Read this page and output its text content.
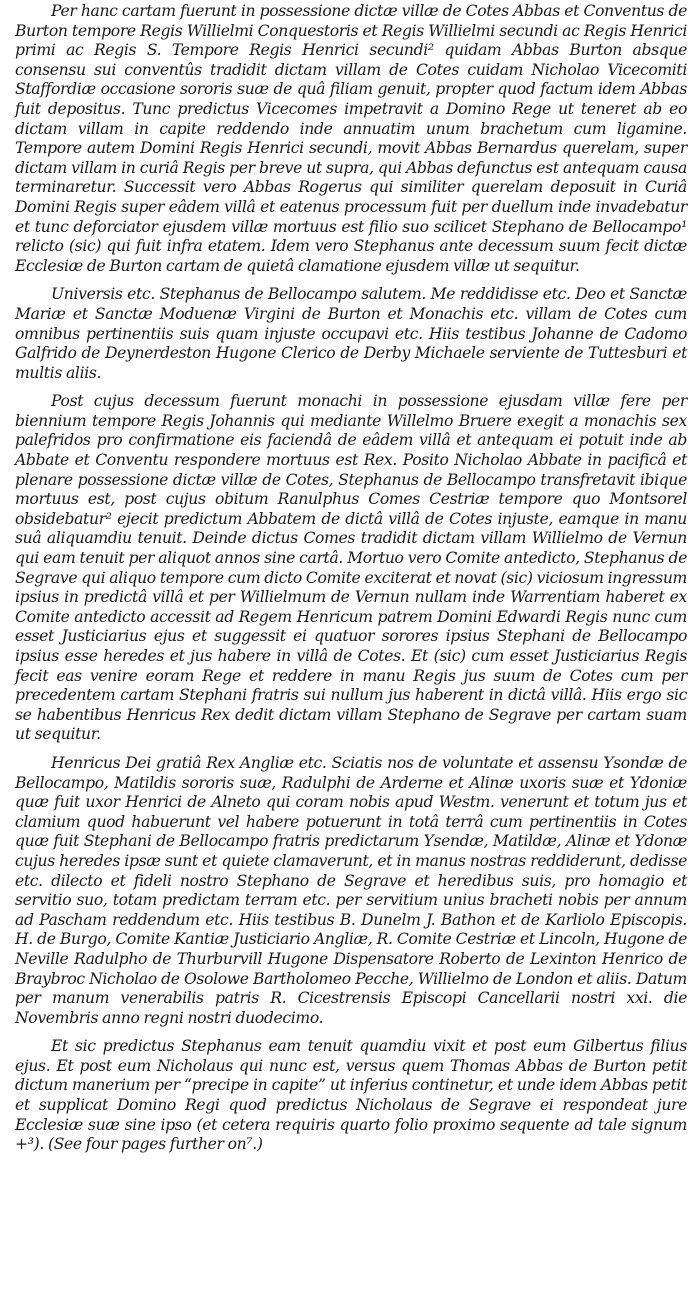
Per hanc cartam fuerunt in possessione dictæ villæ de Cotes Abbas et Conventus de Burton tempore Regis Willielmi Conquestoris et Regis Willielmi secundi ac Regis Henrici primi ac Regis S. Tempore Regis Henrici secundi² quidam Abbas Burton absque consensu sui conventûs tradidit dictam villam de Cotes cuidam Nicholao Vicecomiti Staffordiæ occasione sororis suæ de quâ filiam genuit, propter quod factum idem Abbas fuit depositus. Tunc predictus Vicecomes impetravit a Domino Rege ut teneret ab eo dictam villam in capite reddendo inde annuatim unum brachetum cum ligamine. Tempore autem Domini Regis Henrici secundi, movit Abbas Bernardus querelam, super dictam villam in curiâ Regis per breve ut supra, qui Abbas defunctus est antequam causa terminaretur. Successit vero Abbas Rogerus qui similiter querelam deposuit in Curiâ Domini Regis super eâdem villâ et eatenus processum fuit per duellum inde invadebatur et tunc deforciator ejusdem villæ mortuus est filio suo scilicet Stephano de Bellocampo¹ relicto (sic) qui fuit infra etatem. Idem vero Stephanus ante decessum suum fecit dictæ Ecclesiæ de Burton cartam de quietâ clamatione ejusdem villæ ut sequitur.

Universis etc. Stephanus de Bellocampo salutem. Me reddidisse etc. Deo et Sanctæ Mariæ et Sanctæ Moduenæ Virgini de Burton et Monachis etc. villam de Cotes cum omnibus pertinentiis suis quam injuste occupavi etc. Hiis testibus Johanne de Cadomo Galfrido de Deynerdeston Hugone Clerico de Derby Michaele serviente de Tuttesburi et multis aliis.

Post cujus decessum fuerunt monachi in possessione ejusdam villæ fere per biennium tempore Regis Johannis qui mediante Willelmo Bruere exegit a monachis sex palefridos pro confirmatione eis faciendâ de eâdem villâ et antequam ei potuit inde ab Abbate et Conventu respondere mortuus est Rex. Posito Nicholao Abbate in pacificâ et plenare possessione dictæ villæ de Cotes, Stephanus de Bellocampo transfretavit ibique mortuus est, post cujus obitum Ranulphus Comes Cestriæ tempore quo Montsorel obsidebatur² ejecit predictum Abbatem de dictâ villâ de Cotes injuste, eamque in manu suâ aliquamdiu tenuit. Deinde dictus Comes tradidit dictam villam Willielmo de Vernun qui eam tenuit per aliquot annos sine cartâ. Mortuo vero Comite antedicto, Stephanus de Segrave qui aliquo tempore cum dicto Comite exciterat et novat (sic) viciosum ingressum ipsius in predictâ villâ et per Willielmum de Vernun nullam inde Warrentiam haberet ex Comite antedicto accessit ad Regem Henricum patrem Domini Edwardi Regis nunc cum esset Justiciarius ejus et suggessit ei quatuor sorores ipsius Stephani de Bellocampo ipsius esse heredes et jus habere in villâ de Cotes. Et (sic) cum esset Justiciarius Regis fecit eas venire eoram Rege et reddere in manu Regis jus suum de Cotes cum per precedentem cartam Stephani fratris sui nullum jus haberent in dictâ villâ. Hiis ergo sic se habentibus Henricus Rex dedit dictam villam Stephano de Segrave per cartam suam ut sequitur.

Henricus Dei gratiâ Rex Angliæ etc. Sciatis nos de voluntate et assensu Ysondæ de Bellocampo, Matildis sororis suæ, Radulphi de Arderne et Alinæ uxoris suæ et Ydoniæ quæ fuit uxor Henrici de Alneto qui coram nobis apud Westm. venerunt et totum jus et clamium quod habuerunt vel habere potuerunt in totâ terrâ cum pertinentiis in Cotes quæ fuit Stephani de Bellocampo fratris predictarum Ysendæ, Matildæ, Alinæ et Ydonæ cujus heredes ipsæ sunt et quiete clamaverunt, et in manus nostras reddiderunt, dedisse etc. dilecto et fideli nostro Stephano de Segrave et heredibus suis, pro homagio et servitio suo, totam predictam terram etc. per servitium unius bracheti nobis per annum ad Pascham reddendum etc. Hiis testibus B. Dunelm J. Bathon et de Karliolo Episcopis. H. de Burgo, Comite Kantiæ Justiciario Angliæ, R. Comite Cestriæ et Lincoln, Hugone de Neville Radulpho de Thurburvill Hugone Dispensatore Roberto de Lexinton Henrico de Braybroc Nicholao de Osolowe Bartholomeo Pecche, Willielmo de London et aliis. Datum per manum venerabilis patris R. Cicestrensis Episcopi Cancellarii nostri xxi. die Novembris anno regni nostri duodecimo.

Et sic predictus Stephanus eam tenuit quamdiu vixit et post eum Gilbertus filius ejus. Et post eum Nicholaus qui nunc est, versus quem Thomas Abbas de Burton petit dictum manerium per “precipe in capite” ut inferius continetur, et unde idem Abbas petit et supplicat Domino Regi quod predictus Nicholaus de Segrave ei respondeat jure Ecclesiæ suæ sine ipso (et cetera requiris quarto folio proximo sequente ad tale signum +³). (See four pages further on⁷.)
